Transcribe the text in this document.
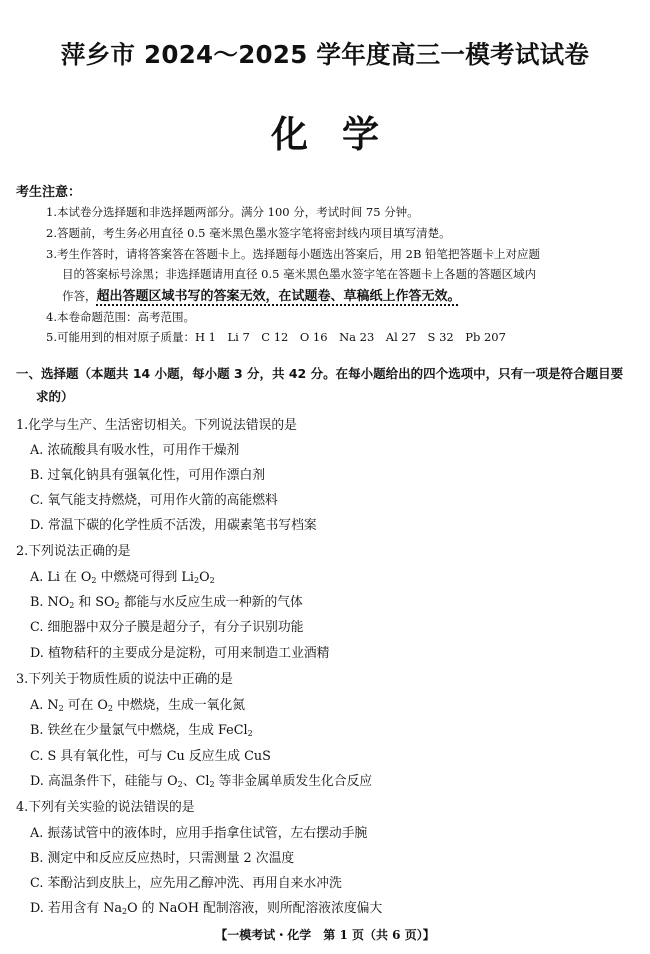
萍乡市 2024～2025 学年度高三一模考试试卷
化学
考生注意：
1.本试卷分选择题和非选择题两部分。满分 100 分，考试时间 75 分钟。
2.答题前，考生务必用直径 0.5 毫米黑色墨水签字笔将密封线内项目填写清楚。
3.考生作答时，请将答案答在答题卡上。选择题每小题选出答案后，用 2B 铅笔把答题卡上对应题
目的答案标号涂黑；非选择题请用直径 0.5 毫米黑色墨水签字笔在答题卡上各题的答题区域内
作答，超出答题区域书写的答案无效，在试题卷、草稿纸上作答无效。
4.本卷命题范围：高考范围。
5.可能用到的相对原子质量：H 1　Li 7　C 12　O 16　Na 23　Al 27　S 32　Pb 207
一、选择题（本题共 14 小题，每小题 3 分，共 42 分。在每小题给出的四个选项中，只有一项是符合题目要
求的）
1.化学与生产、生活密切相关。下列说法错误的是
A. 浓硫酸具有吸水性，可用作干燥剂
B. 过氧化钠具有强氧化性，可用作漂白剂
C. 氧气能支持燃烧，可用作火箭的高能燃料
D. 常温下碳的化学性质不活泼，用碳素笔书写档案
2.下列说法正确的是
A. Li 在 $O_2$ 中燃烧可得到 $Li_2O_2$
B. $NO_2$ 和 $SO_2$ 都能与水反应生成一种新的气体
C. 细胞器中双分子膜是超分子，有分子识别功能
D. 植物秸秆的主要成分是淀粉，可用来制造工业酒精
3.下列关于物质性质的说法中正确的是
A. $N_2$ 可在 $O_2$ 中燃烧，生成一氧化氮
B. 铁丝在少量氯气中燃烧，生成 FeCl$_2$
C. S 具有氧化性，可与 Cu 反应生成 CuS
D. 高温条件下，硅能与 $O_2$、$Cl_2$ 等非金属单质发生化合反应
4.下列有关实验的说法错误的是
A. 振荡试管中的液体时，应用手指拿住试管，左右摆动手腕
B. 测定中和反应反应热时，只需测量 2 次温度
C. 苯酚沾到皮肤上，应先用乙醇冲洗、再用自来水冲洗
D. 若用含有 $Na_2O$ 的 NaOH 配制溶液，则所配溶液浓度偏大
【一模考试・化学　第 1 页（共 6 页）】
